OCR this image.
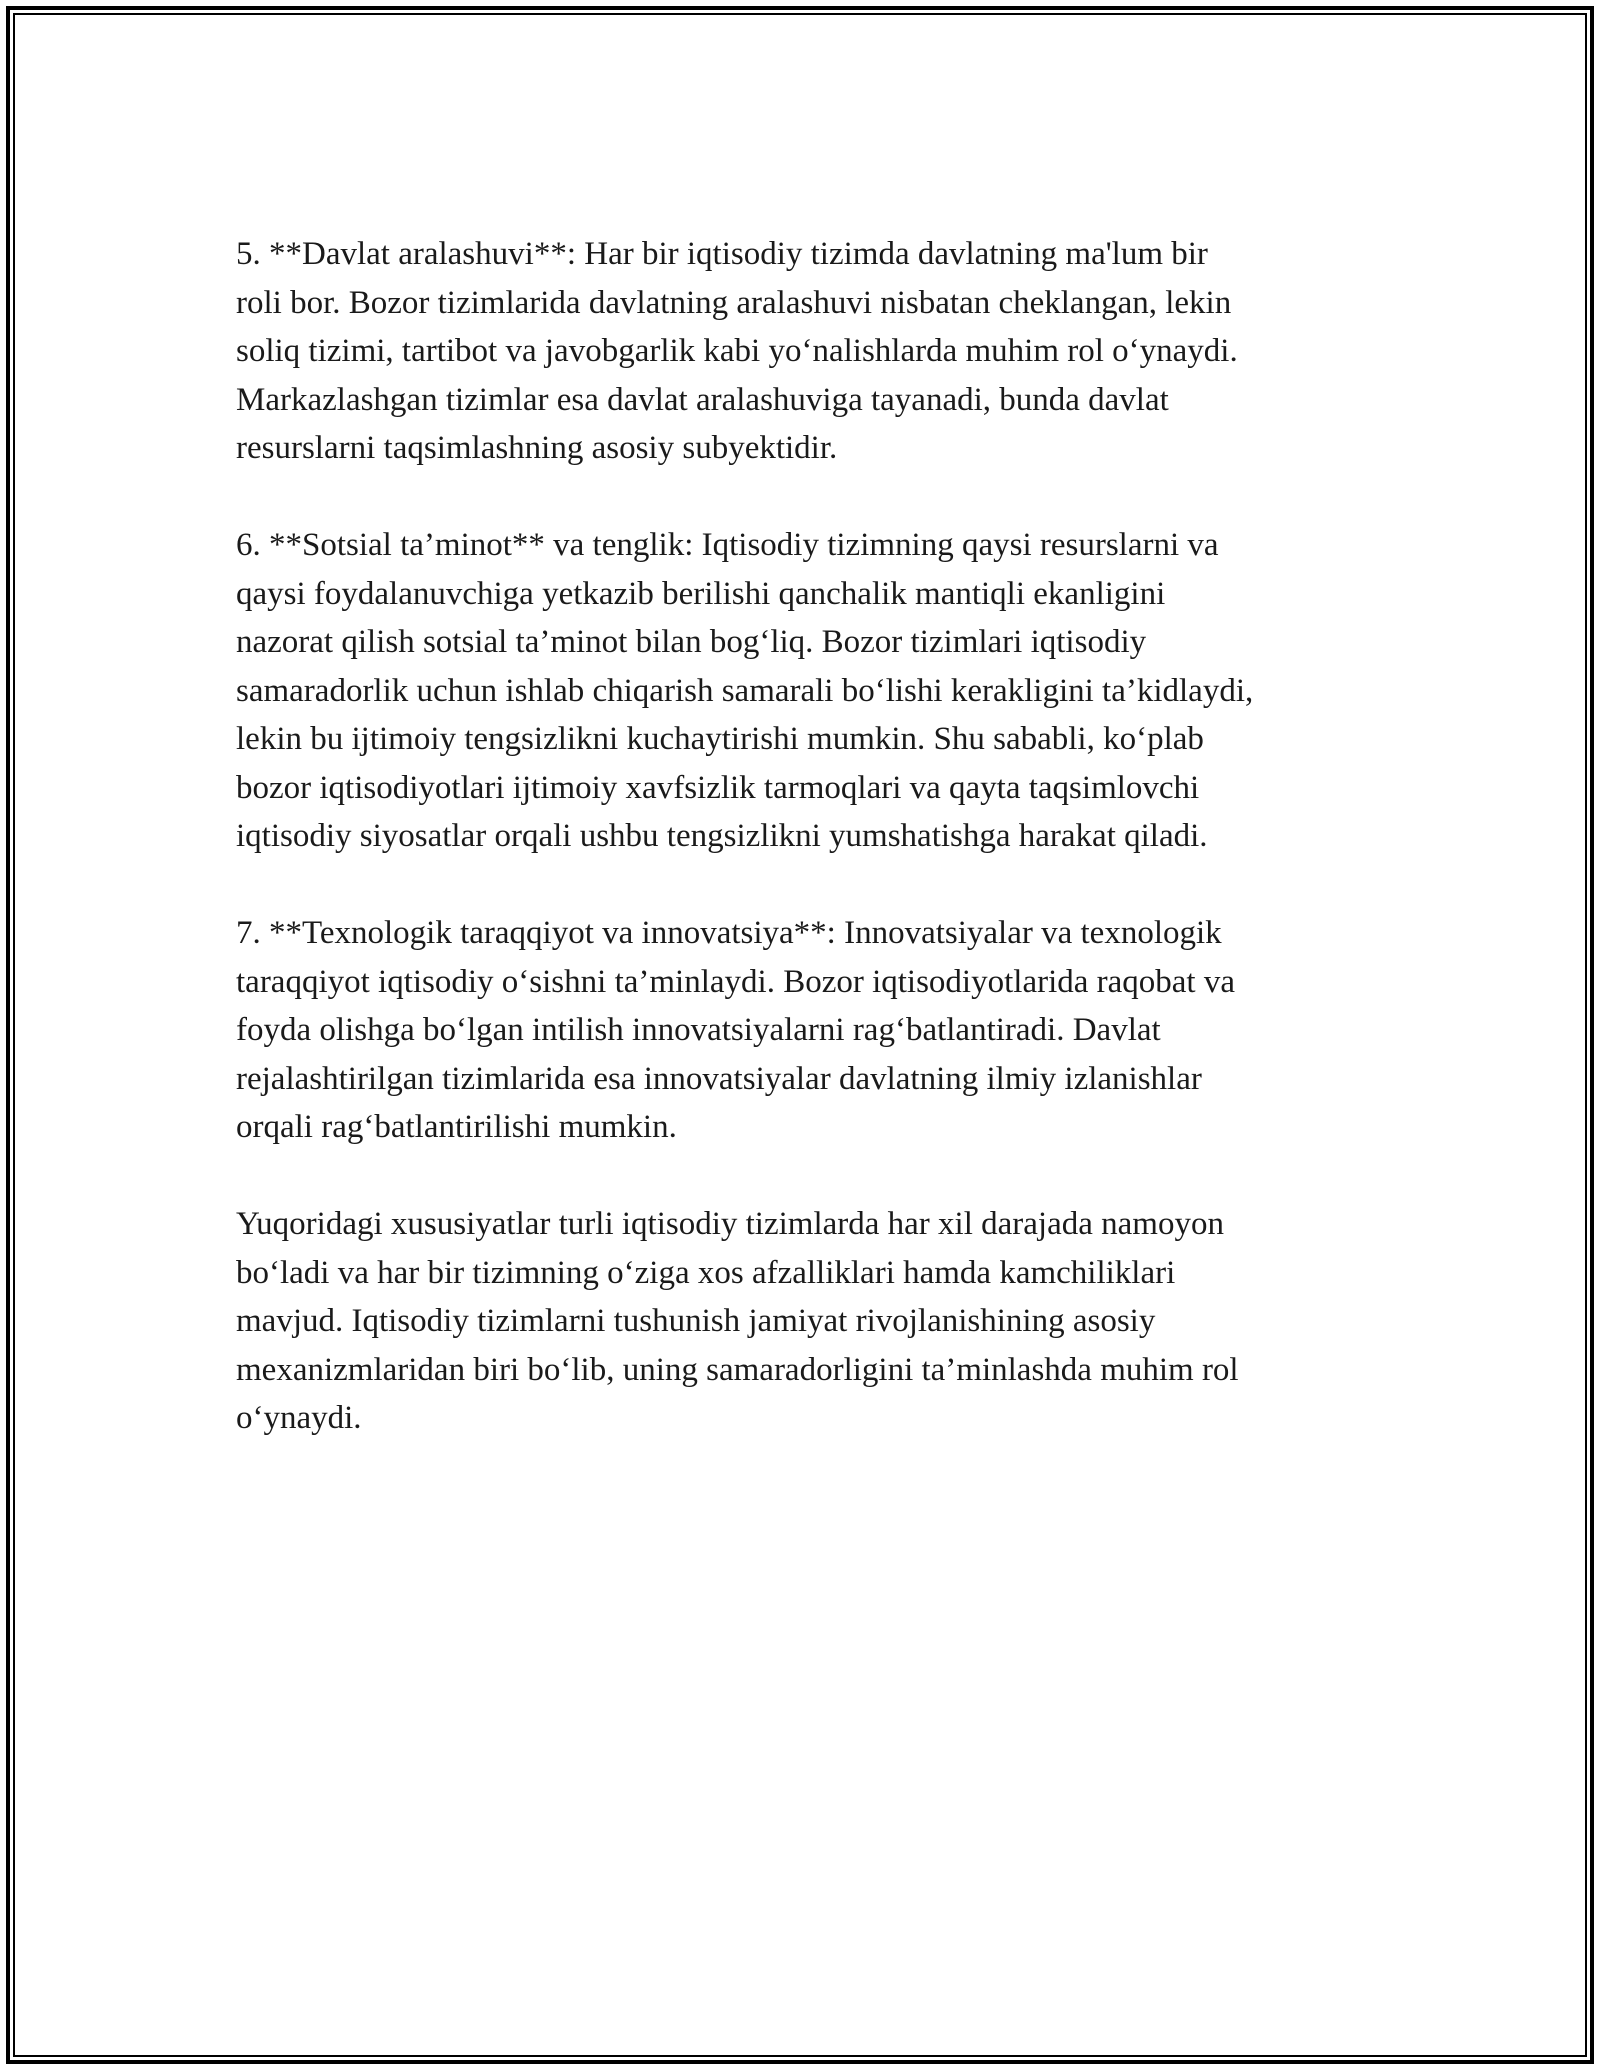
5. **Davlat aralashuvi**: Har bir iqtisodiy tizimda davlatning ma'lum bir
roli bor. Bozor tizimlarida davlatning aralashuvi nisbatan cheklangan, lekin
soliq tizimi, tartibot va javobgarlik kabi yo‘nalishlarda muhim rol o‘ynaydi.
Markazlashgan tizimlar esa davlat aralashuviga tayanadi, bunda davlat
resurslarni taqsimlashning asosiy subyektidir.

6. **Sotsial ta’minot** va tenglik: Iqtisodiy tizimning qaysi resurslarni va
qaysi foydalanuvchiga yetkazib berilishi qanchalik mantiqli ekanligini
nazorat qilish sotsial ta’minot bilan bog‘liq. Bozor tizimlari iqtisodiy
samaradorlik uchun ishlab chiqarish samarali bo‘lishi kerakligini ta’kidlaydi,
lekin bu ijtimoiy tengsizlikni kuchaytirishi mumkin. Shu sababli, ko‘plab
bozor iqtisodiyotlari ijtimoiy xavfsizlik tarmoqlari va qayta taqsimlovchi
iqtisodiy siyosatlar orqali ushbu tengsizlikni yumshatishga harakat qiladi.

7. **Texnologik taraqqiyot va innovatsiya**: Innovatsiyalar va texnologik
taraqqiyot iqtisodiy o‘sishni ta’minlaydi. Bozor iqtisodiyotlarida raqobat va
foyda olishga bo‘lgan intilish innovatsiyalarni rag‘batlantiradi. Davlat
rejalashtirilgan tizimlarida esa innovatsiyalar davlatning ilmiy izlanishlar
orqali rag‘batlantirilishi mumkin.

Yuqoridagi xususiyatlar turli iqtisodiy tizimlarda har xil darajada namoyon
bo‘ladi va har bir tizimning o‘ziga xos afzalliklari hamda kamchiliklari
mavjud. Iqtisodiy tizimlarni tushunish jamiyat rivojlanishining asosiy
mexanizmlaridan biri bo‘lib, uning samaradorligini ta’minlashda muhim rol
o‘ynaydi.
